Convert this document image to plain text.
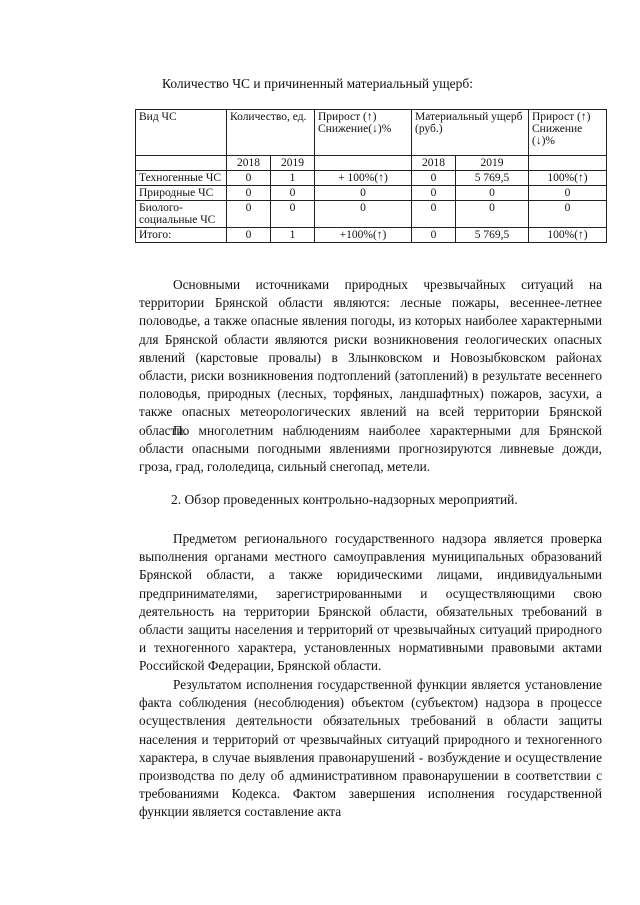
Количество ЧС и причиненный материальный ущерб:
Вид ЧС	Количество, ед.		Прирост (↑) Снижение(↓)%	Материальный ущерб (руб.)		Прирост (↑) Снижение (↓)%
	2018	2019		2018	2019	
Техногенные ЧС	0	1	+ 100%(↑)	0	5 769,5	100%(↑)
Природные ЧС	0	0	0	0	0	0
Биолого-социальные ЧС	0	0	0	0	0	0
Итого:	0	1	+100%(↑)	0	5 769,5	100%(↑)

Основными источниками природных чрезвычайных ситуаций на территории Брянской области являются: лесные пожары, весеннее-летнее половодье, а также опасные явления погоды, из которых наиболее характерными для Брянской области являются риски возникновения геологических опасных явлений (карстовые провалы) в Злынковском и Новозыбковском районах области, риски возникновения подтоплений (затоплений) в результате весеннего половодья, природных (лесных, торфяных, ландшафтных) пожаров, засухи, а также опасных метеорологических явлений на всей территории Брянской области.

По многолетним наблюдениям наиболее характерными для Брянской области опасными погодными явлениями прогнозируются ливневые дожди, гроза, град, гололедица, сильный снегопад, метели.

2. Обзор проведенных контрольно-надзорных мероприятий.

Предметом регионального государственного надзора является проверка выполнения органами местного самоуправления муниципальных образований Брянской области, а также юридическими лицами, индивидуальными предпринимателями, зарегистрированными и осуществляющими свою деятельность на территории Брянской области, обязательных требований в области защиты населения и территорий от чрезвычайных ситуаций природного и техногенного характера, установленных нормативными правовыми актами Российской Федерации, Брянской области.

Результатом исполнения государственной функции является установление факта соблюдения (несоблюдения) объектом (субъектом) надзора в процессе осуществления деятельности обязательных требований в области защиты населения и территорий от чрезвычайных ситуаций природного и техногенного характера, в случае выявления правонарушений - возбуждение и осуществление производства по делу об административном правонарушении в соответствии с требованиями Кодекса. Фактом завершения исполнения государственной функции является составление акта
